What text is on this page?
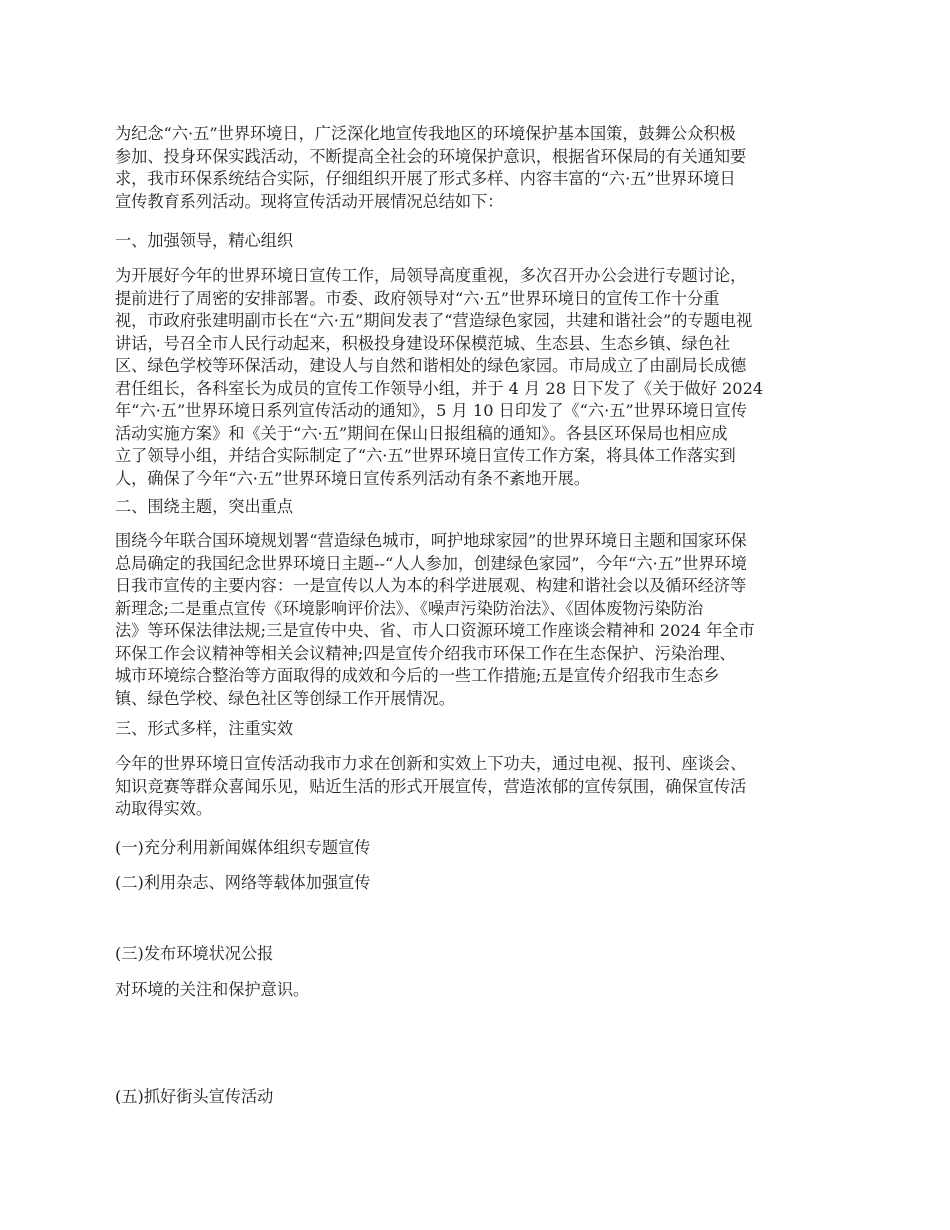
为纪念“六·五”世界环境日，广泛深化地宣传我地区的环境保护基本国策，鼓舞公众积极
参加、投身环保实践活动，不断提高全社会的环境保护意识，根据省环保局的有关通知要
求，我市环保系统结合实际，仔细组织开展了形式多样、内容丰富的“六·五”世界环境日
宣传教育系列活动。现将宣传活动开展情况总结如下：

一、加强领导，精心组织

为开展好今年的世界环境日宣传工作，局领导高度重视，多次召开办公会进行专题讨论，
提前进行了周密的安排部署。市委、政府领导对“六·五”世界环境日的宣传工作十分重
视，市政府张建明副市长在“六·五”期间发表了“营造绿色家园，共建和谐社会”的专题电视
讲话，号召全市人民行动起来，积极投身建设环保模范城、生态县、生态乡镇、绿色社
区、绿色学校等环保活动，建设人与自然和谐相处的绿色家园。市局成立了由副局长成德
君任组长，各科室长为成员的宣传工作领导小组，并于 4 月 28 日下发了《关于做好 2024
年“六·五”世界环境日系列宣传活动的通知》，5 月 10 日印发了《“六·五”世界环境日宣传
活动实施方案》和《关于“六·五”期间在保山日报组稿的通知》。各县区环保局也相应成
立了领导小组，并结合实际制定了“六·五”世界环境日宣传工作方案，将具体工作落实到
人，确保了今年“六·五”世界环境日宣传系列活动有条不紊地开展。

二、围绕主题，突出重点

围绕今年联合国环境规划署“营造绿色城市，呵护地球家园”的世界环境日主题和国家环保
总局确定的我国纪念世界环境日主题--“人人参加，创建绿色家园”，今年“六·五”世界环境
日我市宣传的主要内容：一是宣传以人为本的科学进展观、构建和谐社会以及循环经济等
新理念;二是重点宣传《环境影响评价法》、《噪声污染防治法》、《固体废物污染防治
法》等环保法律法规;三是宣传中央、省、市人口资源环境工作座谈会精神和 2024 年全市
环保工作会议精神等相关会议精神;四是宣传介绍我市环保工作在生态保护、污染治理、
城市环境综合整治等方面取得的成效和今后的一些工作措施;五是宣传介绍我市生态乡
镇、绿色学校、绿色社区等创绿工作开展情况。

三、形式多样，注重实效

今年的世界环境日宣传活动我市力求在创新和实效上下功夫，通过电视、报刊、座谈会、
知识竞赛等群众喜闻乐见，贴近生活的形式开展宣传，营造浓郁的宣传氛围，确保宣传活
动取得实效。

(一)充分利用新闻媒体组织专题宣传

(二)利用杂志、网络等载体加强宣传

(三)发布环境状况公报

对环境的关注和保护意识。

(五)抓好街头宣传活动
